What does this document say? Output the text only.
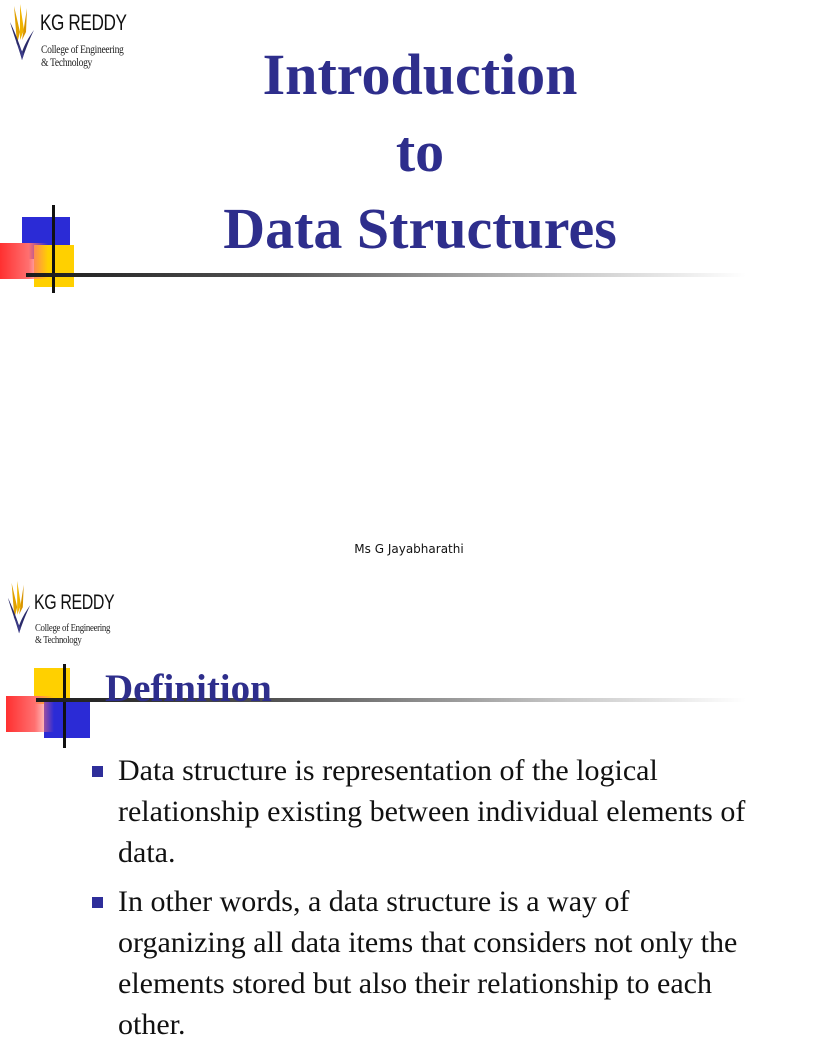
KG REDDY
College of Engineering
& Technology	Introduction
to
Data Structures
Ms G Jayabharathi
KG REDDY
College of Engineering
& Technology
Definition
Data structure is representation of the logical relationship existing between individual elements of data.
In other words, a data structure is a way of organizing all data items that considers not only the elements stored but also their relationship to each other.
